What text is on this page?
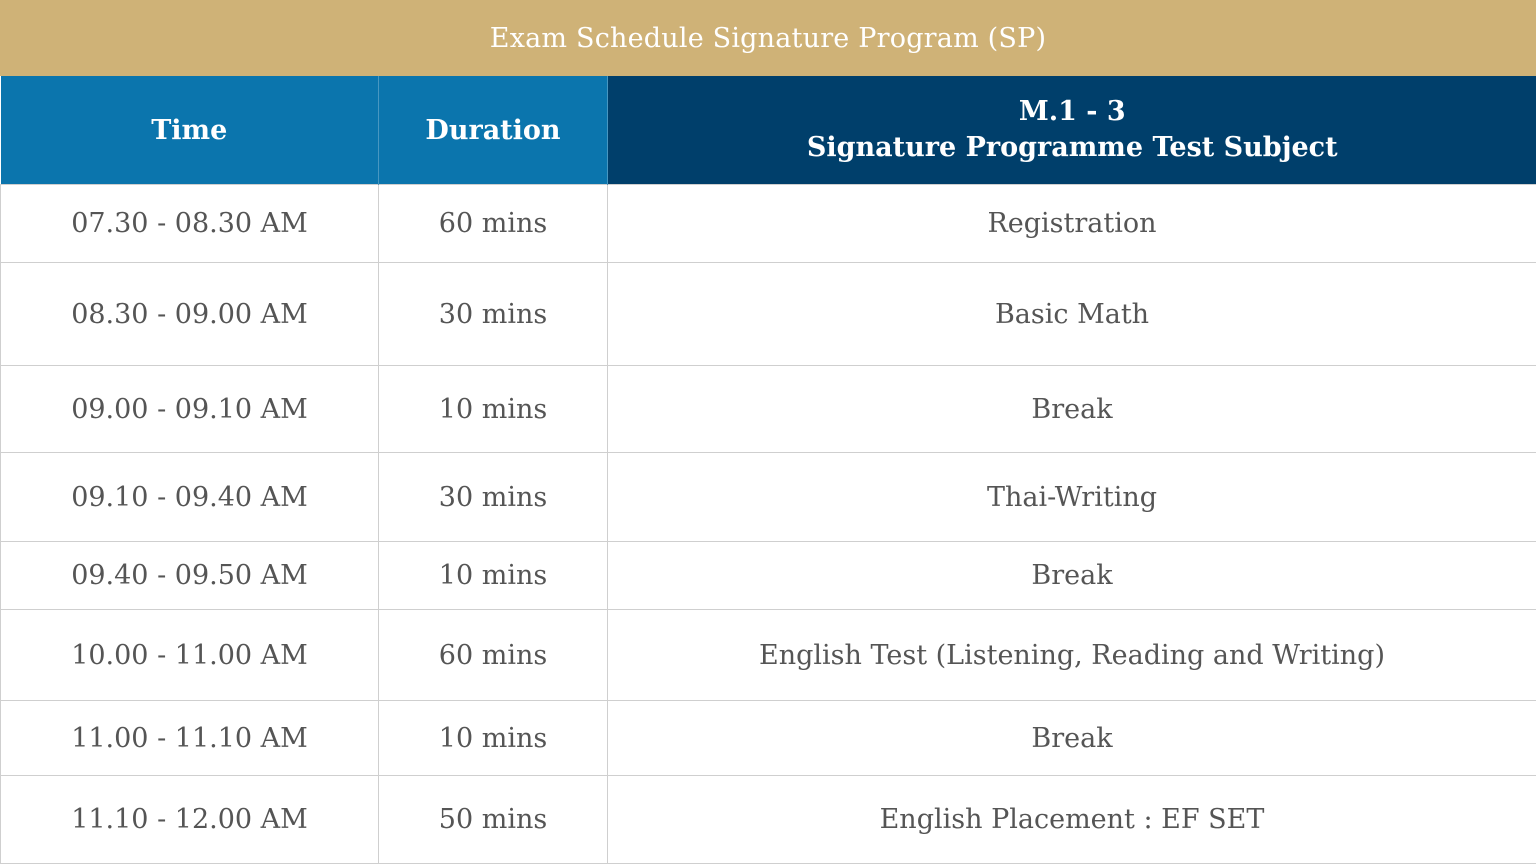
Exam Schedule Signature Program (SP)
Time	Duration	M.1 - 3
Signature Programme Test Subject

07.30 - 08.30 AM	60 mins	Registration
08.30 - 09.00 AM	30 mins	Basic Math
09.00 - 09.10 AM	10 mins	Break
09.10 - 09.40 AM	30 mins	Thai-Writing
09.40 - 09.50 AM	10 mins	Break
10.00 - 11.00 AM	60 mins	English Test (Listening, Reading and Writing)
11.00 - 11.10 AM	10 mins	Break
11.10 - 12.00 AM	50 mins	English Placement : EF SET
